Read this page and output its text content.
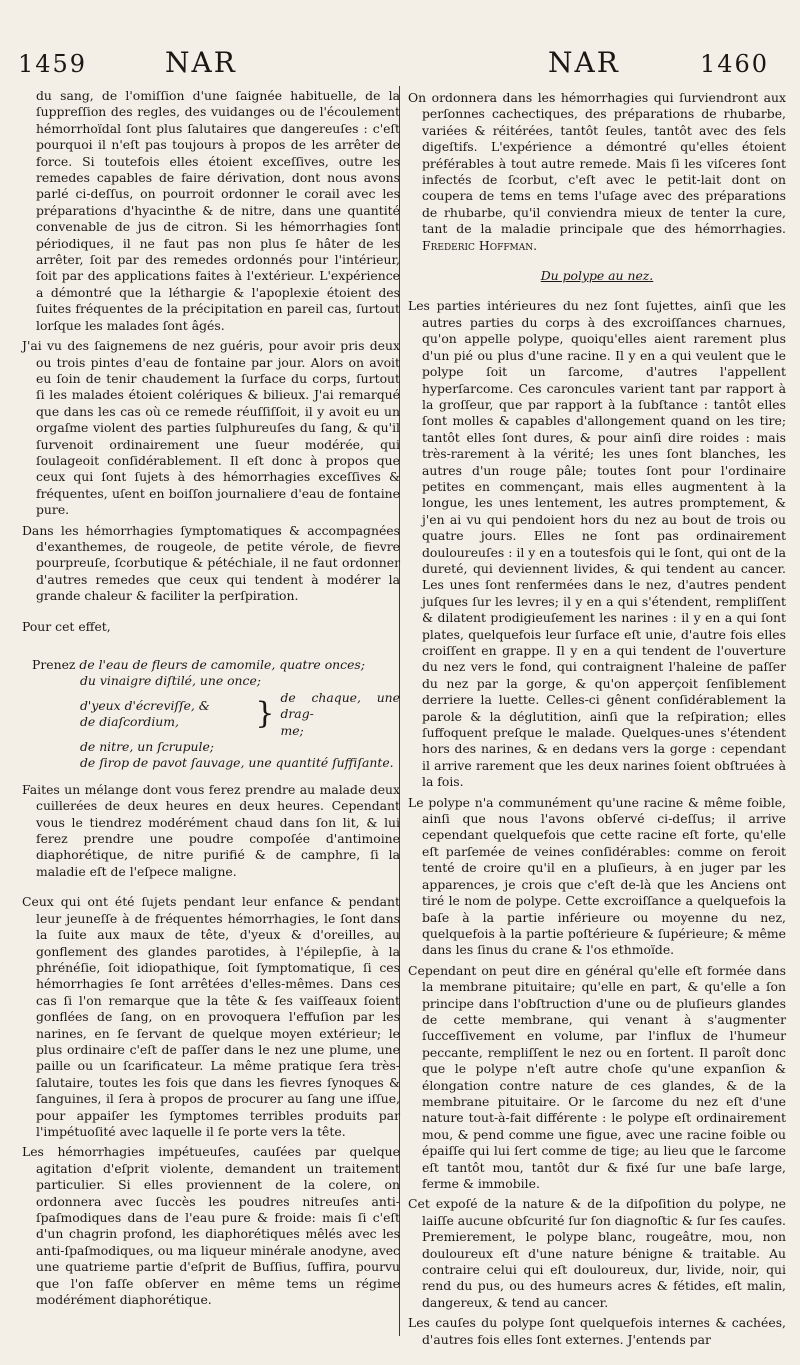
1459	NAR	NAR	1460

du sang, de l'omiſſion d'une ſaignée habituelle, de la ſuppreſſion des regles, des vuidanges ou de l'écoulement hémorrhoïdal ſont plus ſalutaires que dangereuſes : c'eſt pourquoi il n'eſt pas toujours à propos de les arrêter de force. Si toutefois elles étoient exceſſives, outre les remedes capables de faire dérivation, dont nous avons parlé ci-deſſus, on pourroit ordonner le corail avec les préparations d'hyacinthe & de nitre, dans une quantité convenable de jus de citron. Si les hémorrhagies ſont périodiques, il ne faut pas non plus ſe hâter de les arrêter, ſoit par des remedes ordonnés pour l'intérieur, ſoit par des applications faites à l'extérieur. L'expérience a démontré que la léthargie & l'apoplexie étoient des ſuites fréquentes de la précipitation en pareil cas, ſurtout lorſque les malades ſont âgés.

J'ai vu des ſaignemens de nez guéris, pour avoir pris deux ou trois pintes d'eau de fontaine par jour. Alors on avoit eu ſoin de tenir chaudement la ſurface du corps, ſurtout ſi les malades étoient colériques & bilieux. J'ai remarqué que dans les cas où ce remede réuſſiſſoit, il y avoit eu un orgaſme violent des parties ſulphureuſes du ſang, & qu'il ſurvenoit ordinairement une ſueur modérée, qui ſoulageoit conſidérablement. Il eſt donc à propos que ceux qui ſont ſujets à des hémorrhagies exceſſives & fréquentes, uſent en boiſſon journaliere d'eau de fontaine pure.

Dans les hémorrhagies ſymptomatiques & accompagnées d'exanthemes, de rougeole, de petite vérole, de fievre pourpreuſe, ſcorbutique & pétéchiale, il ne faut ordonner d'autres remedes que ceux qui tendent à modérer la grande chaleur & faciliter la perſpiration.

Pour cet effet,

Prenez de l'eau de fleurs de camomile, quatre onces;
du vinaigre diſtilé, une once;
d'yeux d'écreviſſe, &
de diaſcordium,	} de chaque, une drag-
me;
de nitre, un ſcrupule;
de ſirop de pavot ſauvage, une quantité ſuffiſante.

Faites un mélange dont vous ferez prendre au malade deux cuillerées de deux heures en deux heures. Cependant vous le tiendrez modérément chaud dans ſon lit, & lui ferez prendre une poudre compoſée d'antimoine diaphorétique, de nitre purifié & de camphre, ſi la maladie eſt de l'eſpece maligne.

Ceux qui ont été ſujets pendant leur enfance & pendant leur jeuneſſe à de fréquentes hémorrhagies, le ſont dans la ſuite aux maux de tête, d'yeux & d'oreilles, au gonflement des glandes parotides, à l'épilepſie, à la phrénéſie, ſoit idiopathique, ſoit ſymptomatique, ſi ces hémorrhagies ſe ſont arrêtées d'elles-mêmes. Dans ces cas ſi l'on remarque que la tête & ſes vaiſſeaux ſoient gonflées de ſang, on en provoquera l'effuſion par les narines, en ſe ſervant de quelque moyen extérieur; le plus ordinaire c'eſt de paſſer dans le nez une plume, une paille ou un ſcarificateur. La même pratique ſera très-ſalutaire, toutes les fois que dans les fievres ſynoques & ſanguines, il ſera à propos de procurer au ſang une iſſue, pour appaiſer les ſymptomes terribles produits par l'impétuoſité avec laquelle il ſe porte vers la tête.

Les hémorrhagies impétueuſes, cauſées par quelque agitation d'eſprit violente, demandent un traitement particulier. Si elles proviennent de la colere, on ordonnera avec ſuccès les poudres nitreuſes anti-ſpaſmodiques dans de l'eau pure & froide: mais ſi c'eſt d'un chagrin profond, les diaphorétiques mêlés avec les anti-ſpaſmodiques, ou ma liqueur minérale anodyne, avec une quatrieme partie d'eſprit de Buſſius, ſuffira, pourvu que l'on faſſe obſerver en même tems un régime modérément diaphorétique.

On ordonnera dans les hémorrhagies qui ſurviendront aux perſonnes cachectiques, des préparations de rhubarbe, variées & réitérées, tantôt ſeules, tantôt avec des ſels digeſtifs. L'expérience a démontré qu'elles étoient préférables à tout autre remede. Mais ſi les viſceres ſont infectés de ſcorbut, c'eſt avec le petit-lait dont on coupera de tems en tems l'uſage avec des préparations de rhubarbe, qu'il conviendra mieux de tenter la cure, tant de la maladie principale que des hémorrhagies. Frederic Hoffman.

Du polype au nez.

Les parties intérieures du nez ſont ſujettes, ainſi que les autres parties du corps à des excroiſſances charnues, qu'on appelle polype, quoiqu'elles aient rarement plus d'un pié ou plus d'une racine. Il y en a qui veulent que le polype ſoit un ſarcome, d'autres l'appellent hyperſarcome. Ces caroncules varient tant par rapport à la groſſeur, que par rapport à la ſubſtance : tantôt elles ſont molles & capables d'allongement quand on les tire; tantôt elles ſont dures, & pour ainſi dire roides : mais très-rarement à la vérité; les unes ſont blanches, les autres d'un rouge pâle; toutes ſont pour l'ordinaire petites en commençant, mais elles augmentent à la longue, les unes lentement, les autres promptement, & j'en ai vu qui pendoient hors du nez au bout de trois ou quatre jours. Elles ne ſont pas ordinairement douloureuſes : il y en a toutesfois qui le ſont, qui ont de la dureté, qui deviennent livides, & qui tendent au cancer. Les unes ſont renfermées dans le nez, d'autres pendent juſques ſur les levres; il y en a qui s'étendent, rempliſſent & dilatent prodigieuſement les narines : il y en a qui ſont plates, quelquefois leur ſurface eſt unie, d'autre fois elles croiſſent en grappe. Il y en a qui tendent de l'ouverture du nez vers le fond, qui contraignent l'haleine de paſſer du nez par la gorge, & qu'on apperçoit ſenſiblement derriere la luette. Celles-ci gênent conſidérablement la parole & la déglutition, ainſi que la reſpiration; elles ſuffoquent preſque le malade. Quelques-unes s'étendent hors des narines, & en dedans vers la gorge : cependant il arrive rarement que les deux narines ſoient obſtruées à la fois.

Le polype n'a communément qu'une racine & même foible, ainſi que nous l'avons obſervé ci-deſſus; il arrive cependant quelquefois que cette racine eſt forte, qu'elle eſt parſemée de veines conſidérables: comme on feroit tenté de croire qu'il en a pluſieurs, à en juger par les apparences, je crois que c'eſt de-là que les Anciens ont tiré le nom de polype. Cette excroiſſance a quelquefois la baſe à la partie inférieure ou moyenne du nez, quelquefois à la partie poſtérieure & ſupérieure; & même dans les ſinus du crane & l'os ethmoïde.

Cependant on peut dire en général qu'elle eſt formée dans la membrane pituitaire; qu'elle en part, & qu'elle a ſon principe dans l'obſtruction d'une ou de pluſieurs glandes de cette membrane, qui venant à s'augmenter ſucceſſivement en volume, par l'influx de l'humeur peccante, rempliſſent le nez ou en ſortent. Il paroît donc que le polype n'eſt autre choſe qu'une expanſion & élongation contre nature de ces glandes, & de la membrane pituitaire. Or le ſarcome du nez eſt d'une nature tout-à-fait différente : le polype eſt ordinairement mou, & pend comme une figue, avec une racine foible ou épaiſſe qui lui ſert comme de tige; au lieu que le ſarcome eſt tantôt mou, tantôt dur & fixé ſur une baſe large, ferme & immobile.

Cet expoſé de la nature & de la diſpoſition du polype, ne laiſſe aucune obſcurité ſur ſon diagnoſtic & ſur ſes cauſes. Premierement, le polype blanc, rougeâtre, mou, non douloureux eſt d'une nature bénigne & traitable. Au contraire celui qui eſt douloureux, dur, livide, noir, qui rend du pus, ou des humeurs acres & fétides, eſt malin, dangereux, & tend au cancer.

Les cauſes du polype ſont quelquefois internes & cachées, d'autres fois elles ſont externes. J'entends par
